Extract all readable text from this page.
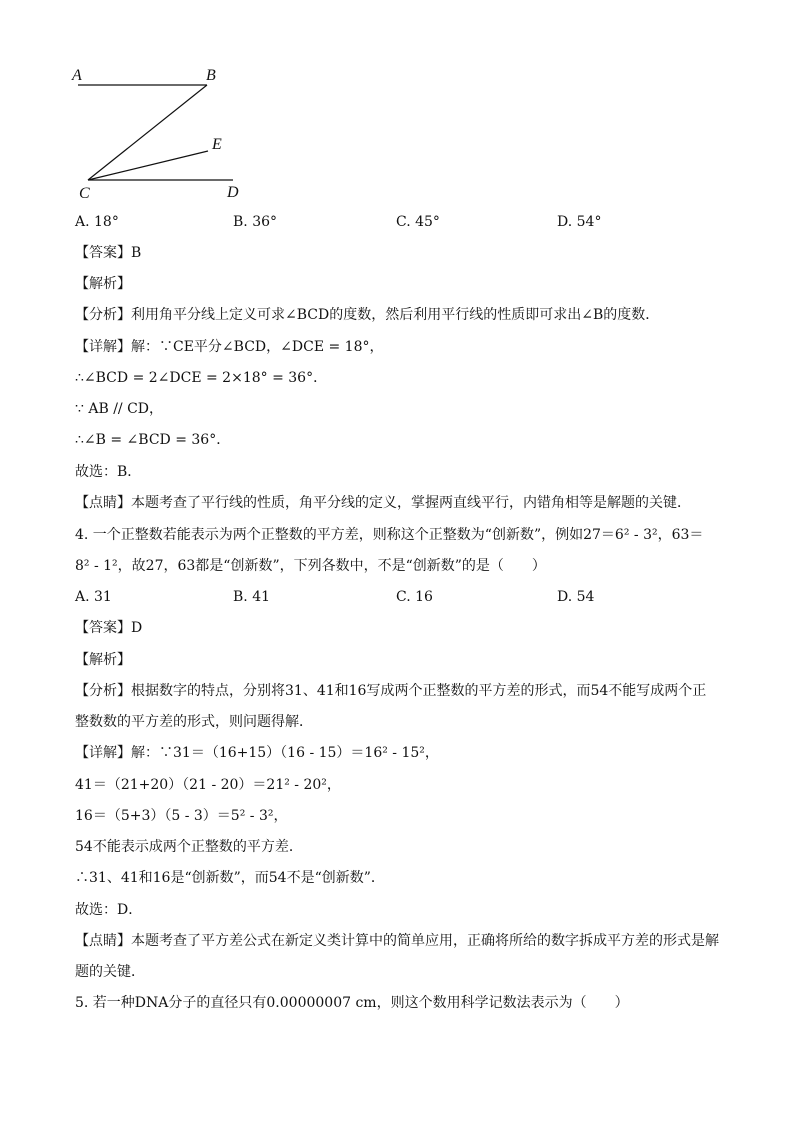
A	B
E
C	D
A. 18°	B. 36°	C. 45°	D. 54°
【答案】B
【解析】
【分析】利用角平分线上定义可求∠BCD的度数，然后利用平行线的性质即可求出∠B的度数．
【详解】解：∵CE平分∠BCD，∠DCE = 18°，
∴∠BCD = 2∠DCE = 2×18° = 36°．
∵ AB // CD，
∴∠B = ∠BCD = 36°．
故选：B．
【点睛】本题考查了平行线的性质，角平分线的定义，掌握两直线平行，内错角相等是解题的关键．
4. 一个正整数若能表示为两个正整数的平方差，则称这个正整数为“创新数”，例如27＝6² - 3²，63＝
8² - 1²，故27，63都是“创新数”，下列各数中，不是“创新数”的是（　　）
A. 31	B. 41	C. 16	D. 54
【答案】D
【解析】
【分析】根据数字的特点，分别将31、41和16写成两个正整数的平方差的形式，而54不能写成两个正
整数数的平方差的形式，则问题得解．
【详解】解：∵31＝（16+15）（16 - 15）＝16² - 15²，
41＝（21+20）（21 - 20）＝21² - 20²，
16＝（5+3）（5 - 3）＝5² - 3²，
54不能表示成两个正整数的平方差．
∴31、41和16是“创新数”，而54不是“创新数”．
故选：D．
【点睛】本题考查了平方差公式在新定义类计算中的简单应用，正确将所给的数字拆成平方差的形式是解
题的关键．
5. 若一种DNA分子的直径只有0.00000007 cm，则这个数用科学记数法表示为（　　）
